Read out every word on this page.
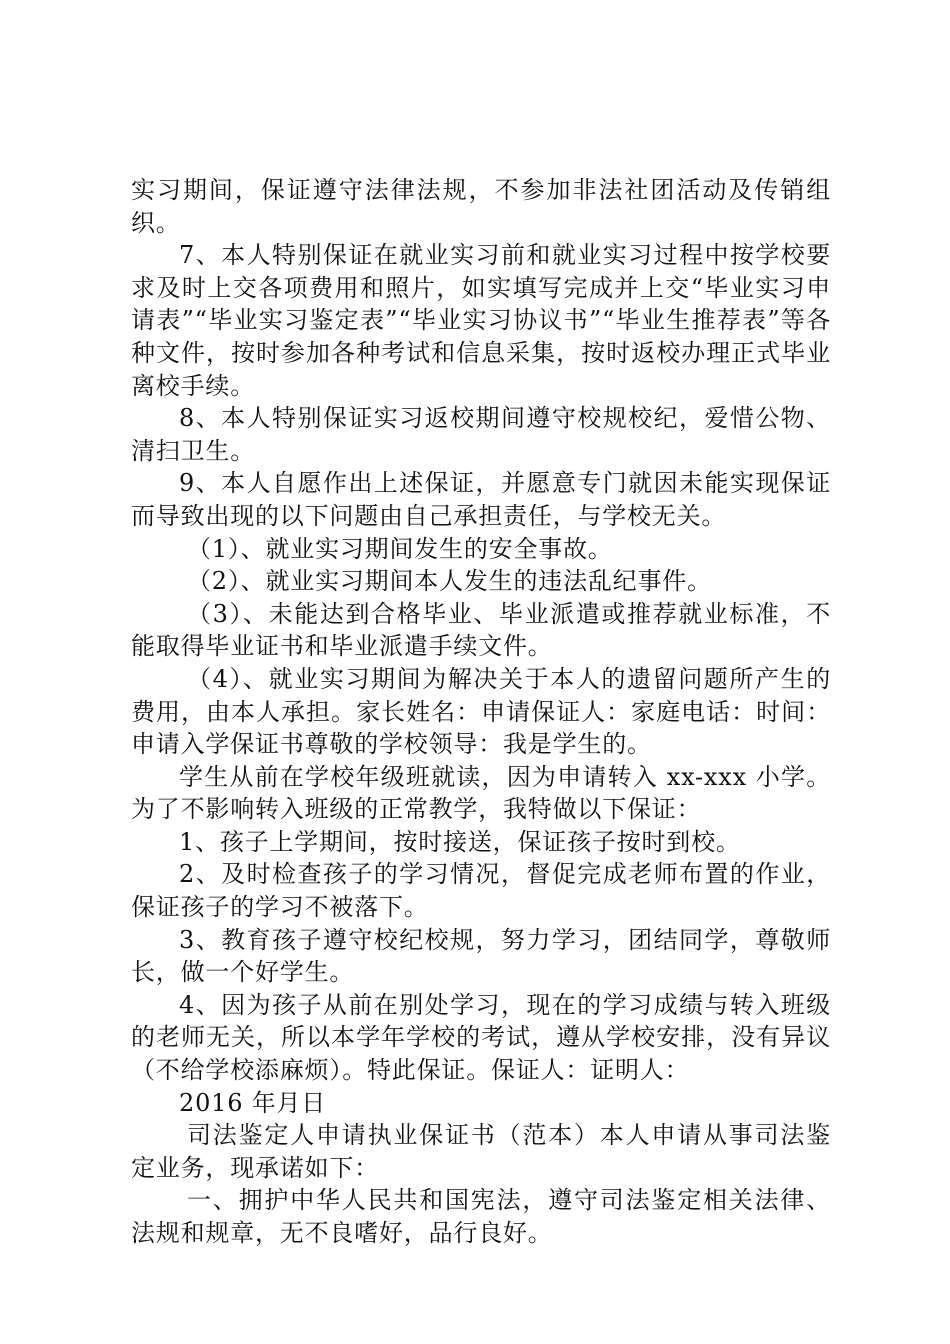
实习期间，保证遵守法律法规，不参加非法社团活动及传销组织。

7、本人特别保证在就业实习前和就业实习过程中按学校要求及时上交各项费用和照片，如实填写完成并上交“毕业实习申请表”“毕业实习鉴定表”“毕业实习协议书”“毕业生推荐表”等各种文件，按时参加各种考试和信息采集，按时返校办理正式毕业离校手续。

8、本人特别保证实习返校期间遵守校规校纪，爱惜公物、清扫卫生。

9、本人自愿作出上述保证，并愿意专门就因未能实现保证而导致出现的以下问题由自己承担责任，与学校无关。

（1）、就业实习期间发生的安全事故。

（2）、就业实习期间本人发生的违法乱纪事件。

（3）、未能达到合格毕业、毕业派遣或推荐就业标准，不能取得毕业证书和毕业派遣手续文件。

（4）、就业实习期间为解决关于本人的遗留问题所产生的费用，由本人承担。家长姓名：申请保证人：家庭电话：时间：申请入学保证书尊敬的学校领导：我是学生的。

学生从前在学校年级班就读，因为申请转入 xx-xxx 小学。为了不影响转入班级的正常教学，我特做以下保证：

1、孩子上学期间，按时接送，保证孩子按时到校。

2、及时检查孩子的学习情况，督促完成老师布置的作业，保证孩子的学习不被落下。

3、教育孩子遵守校纪校规，努力学习，团结同学，尊敬师长，做一个好学生。

4、因为孩子从前在别处学习，现在的学习成绩与转入班级的老师无关，所以本学年学校的考试，遵从学校安排，没有异议（不给学校添麻烦）。特此保证。保证人：证明人：

2016 年月日

司法鉴定人申请执业保证书（范本）本人申请从事司法鉴定业务，现承诺如下：

一、拥护中华人民共和国宪法，遵守司法鉴定相关法律、法规和规章，无不良嗜好，品行良好。
